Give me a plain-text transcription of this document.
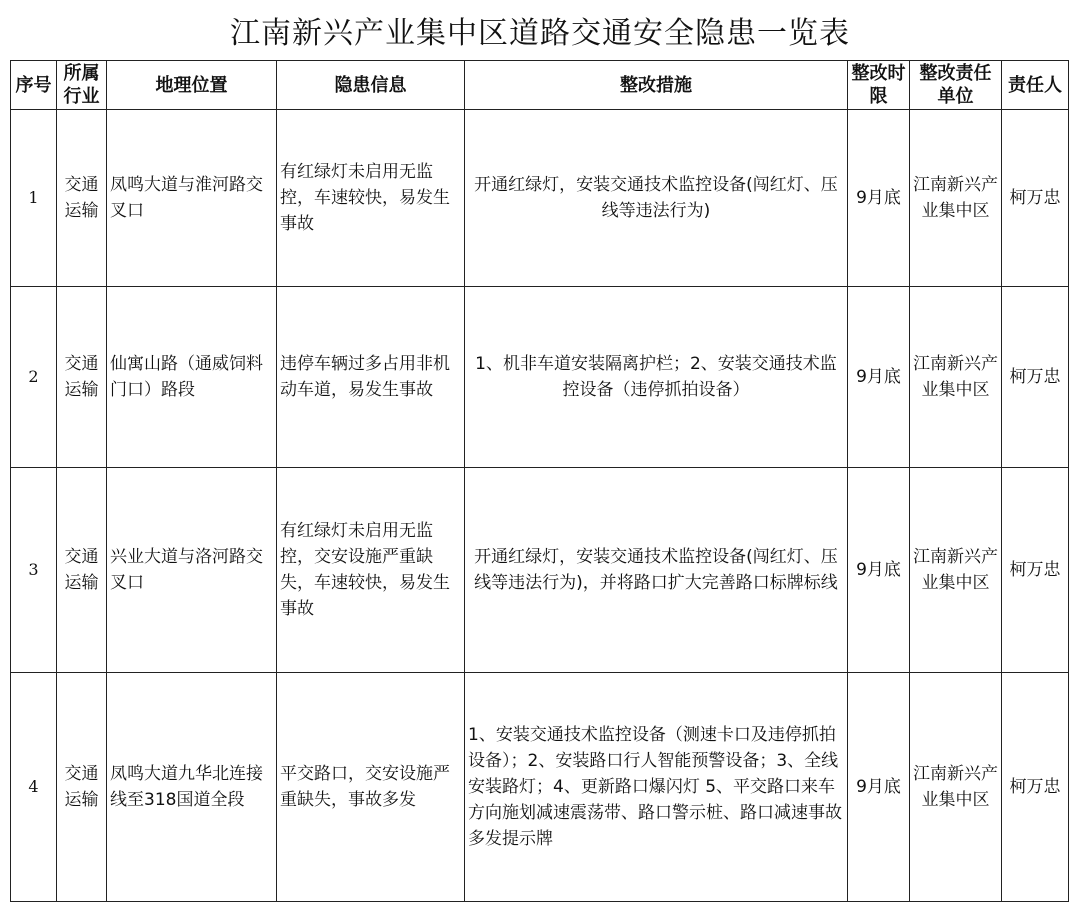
江南新兴产业集中区道路交通安全隐患一览表
序号	所属行业	地理位置	隐患信息	整改措施	整改时限	整改责任单位	责任人
1	交通运输	凤鸣大道与淮河路交叉口	有红绿灯未启用无监控，车速较快，易发生事故	开通红绿灯，安装交通技术监控设备(闯红灯、压线等违法行为)	9月底	江南新兴产业集中区	柯万忠
2	交通运输	仙寓山路（通威饲料门口）路段	违停车辆过多占用非机动车道，易发生事故	1、机非车道安装隔离护栏；2、安装交通技术监控设备（违停抓拍设备）	9月底	江南新兴产业集中区	柯万忠
3	交通运输	兴业大道与洛河路交叉口	有红绿灯未启用无监控，交安设施严重缺失，车速较快，易发生事故	开通红绿灯，安装交通技术监控设备(闯红灯、压线等违法行为)，并将路口扩大完善路口标牌标线	9月底	江南新兴产业集中区	柯万忠
4	交通运输	凤鸣大道九华北连接线至318国道全段	平交路口，交安设施严重缺失，事故多发	1、安装交通技术监控设备（测速卡口及违停抓拍设备）；2、安装路口行人智能预警设备；3、全线安装路灯；4、更新路口爆闪灯 5、平交路口来车方向施划减速震荡带、路口警示桩、路口减速事故多发提示牌	9月底	江南新兴产业集中区	柯万忠
